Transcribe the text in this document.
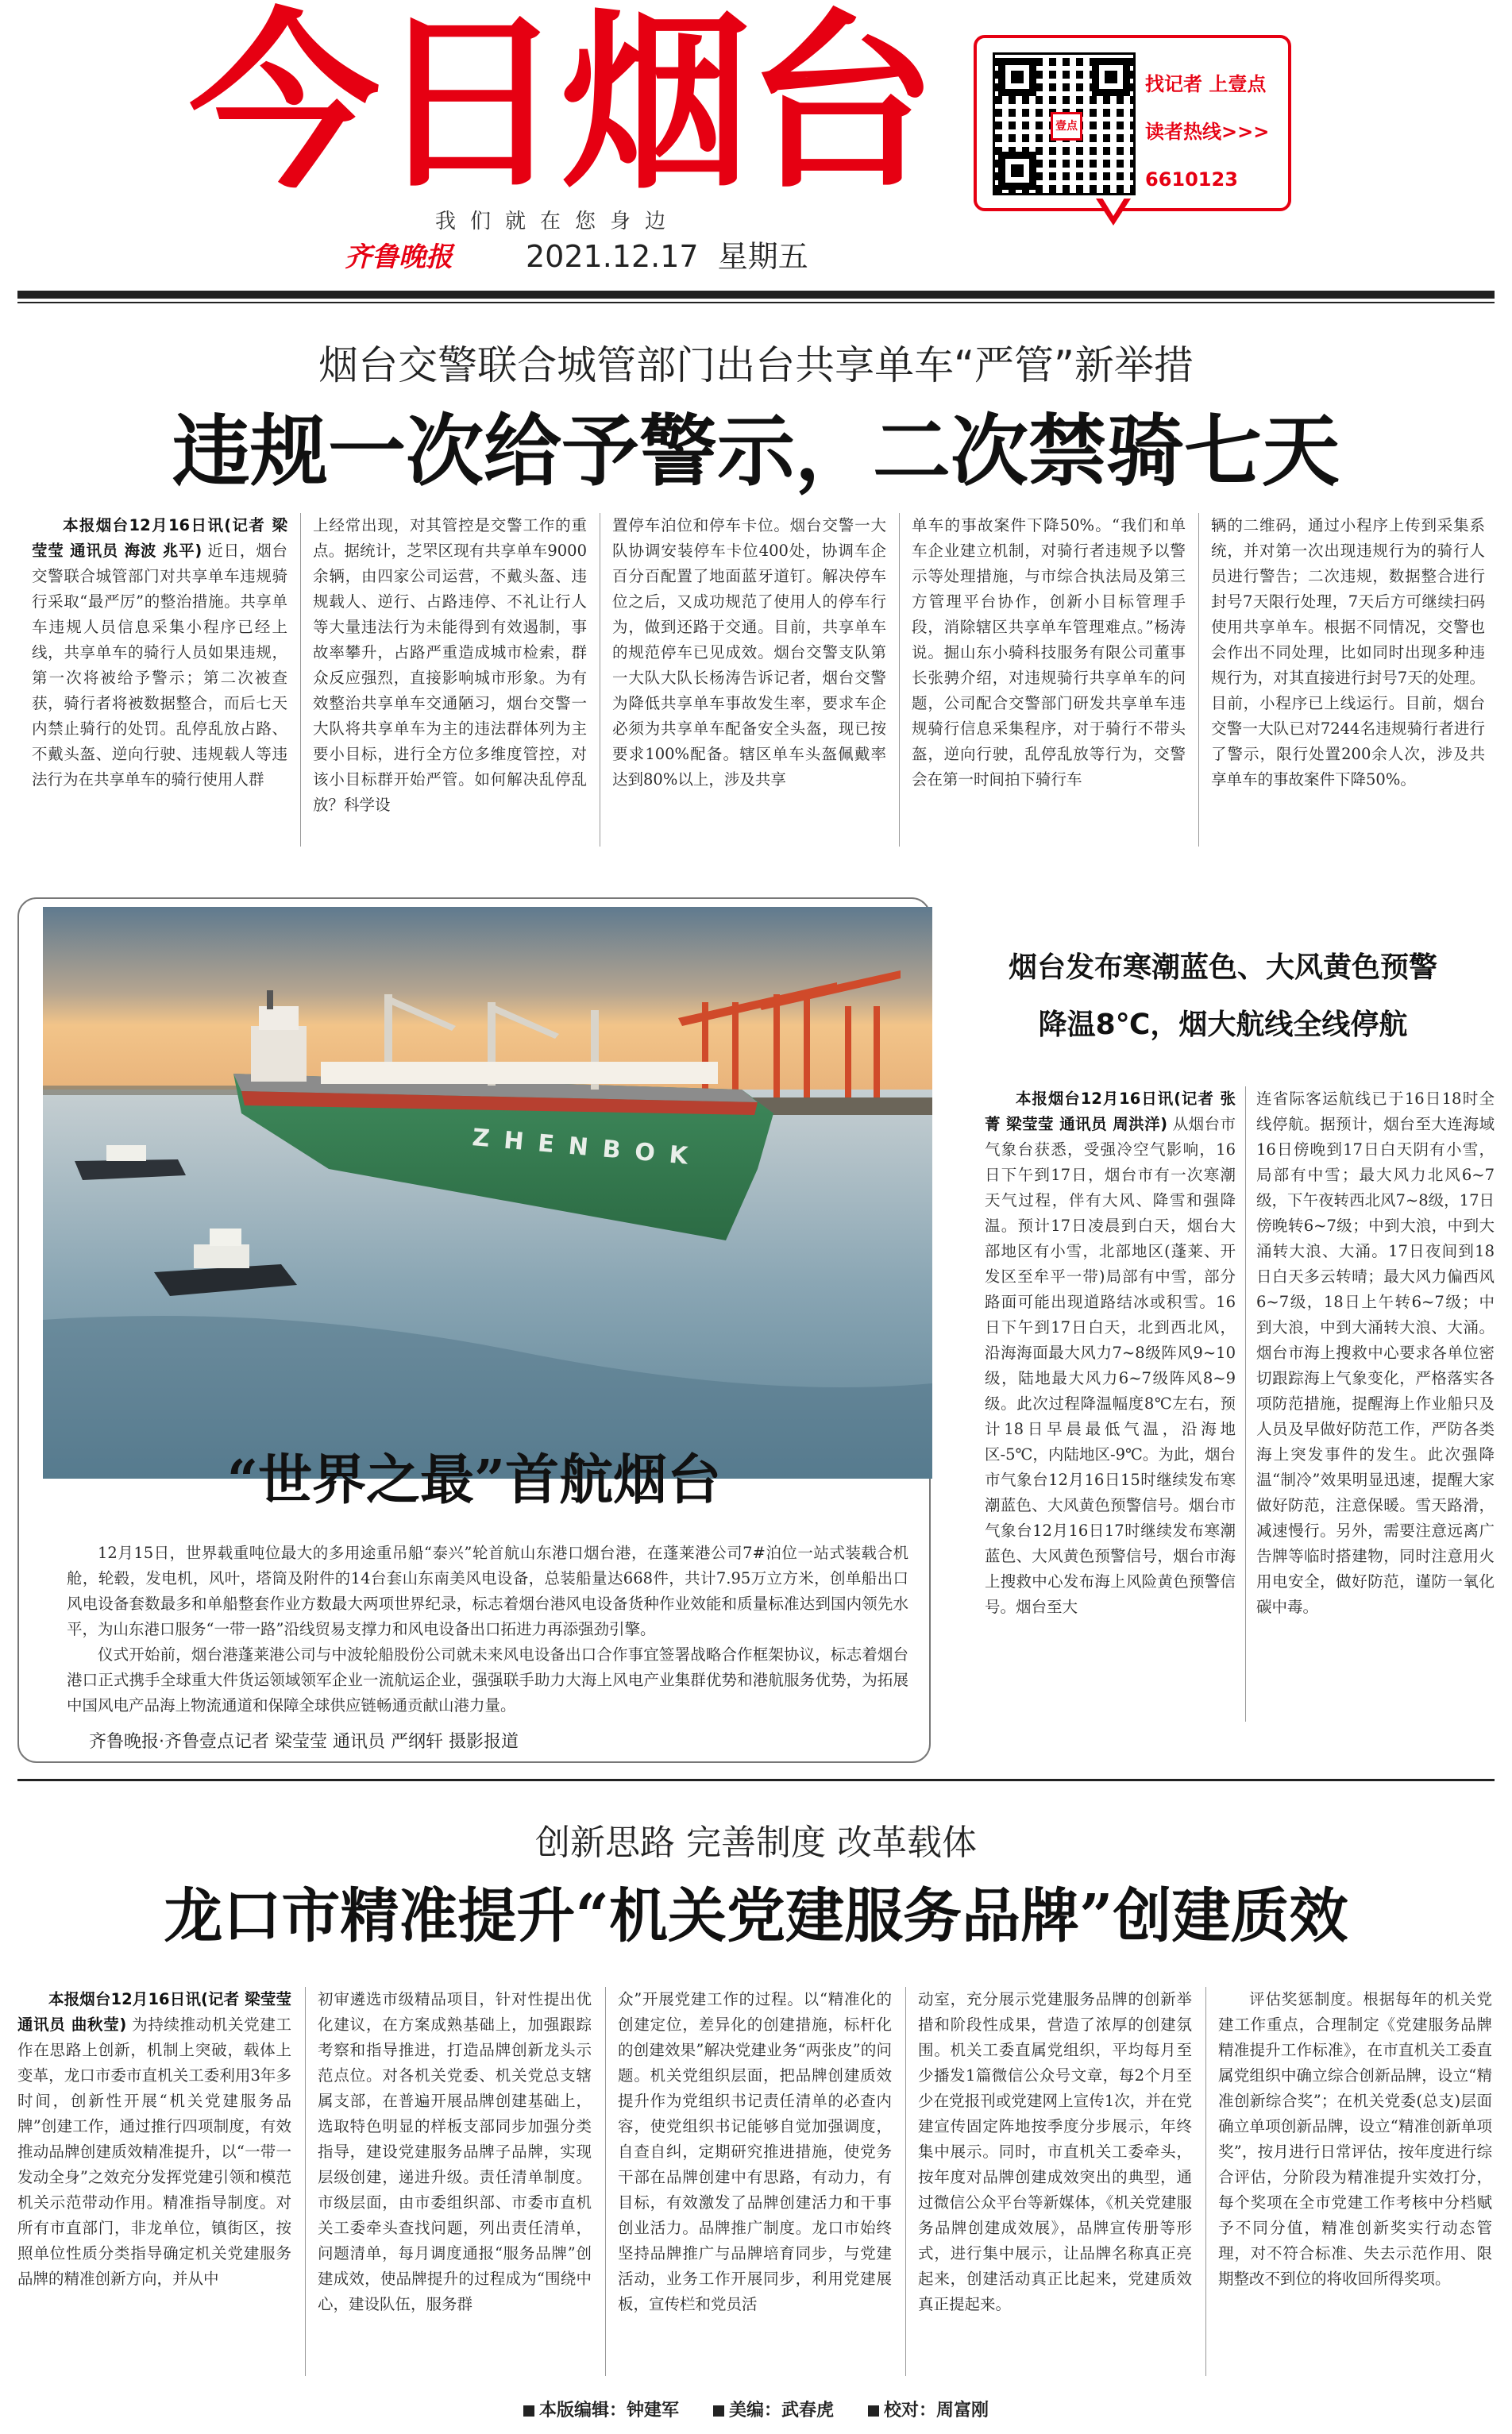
今日烟台	壹点
找记者 上壹点
读者热线>>>
6610123
我们就在您身边
齐鲁晚报 2021.12.17 星期五
烟台交警联合城管部门出台共享单车“严管”新举措
违规一次给予警示，二次禁骑七天

本报烟台12月16日讯(记者 梁莹莹 通讯员 海波 兆平) 近日，烟台交警联合城管部门对共享单车违规骑行采取“最严厉”的整治措施。共享单车违规人员信息采集小程序已经上线，共享单车的骑行人员如果违规，第一次将被给予警示；第二次被查获，骑行者将被数据整合，而后七天内禁止骑行的处罚。乱停乱放占路、不戴头盔、逆向行驶、违规载人等违法行为在共享单车的骑行使用人群

上经常出现，对其管控是交警工作的重点。据统计，芝罘区现有共享单车9000余辆，由四家公司运营，不戴头盔、违规载人、逆行、占路违停、不礼让行人等大量违法行为未能得到有效遏制，事故率攀升，占路严重造成城市检索，群众反应强烈，直接影响城市形象。为有效整治共享单车交通陋习，烟台交警一大队将共享单车为主的违法群体列为主要小目标，进行全方位多维度管控，对该小目标群开始严管。如何解决乱停乱放？科学设

置停车泊位和停车卡位。烟台交警一大队协调安装停车卡位400处，协调车企百分百配置了地面蓝牙道钉。解决停车位之后，又成功规范了使用人的停车行为，做到还路于交通。目前，共享单车的规范停车已见成效。烟台交警支队第一大队大队长杨涛告诉记者，烟台交警为降低共享单车事故发生率，要求车企必须为共享单车配备安全头盔，现已按要求100%配备。辖区单车头盔佩戴率达到80%以上，涉及共享

单车的事故案件下降50%。“我们和单车企业建立机制，对骑行者违规予以警示等处理措施，与市综合执法局及第三方管理平台协作，创新小目标管理手段，消除辖区共享单车管理难点。”杨涛说。掘山东小骑科技服务有限公司董事长张骋介绍，对违规骑行共享单车的问题，公司配合交警部门研发共享单车违规骑行信息采集程序，对于骑行不带头盔，逆向行驶，乱停乱放等行为，交警会在第一时间拍下骑行车

辆的二维码，通过小程序上传到采集系统，并对第一次出现违规行为的骑行人员进行警告；二次违规，数据整合进行封号7天限行处理，7天后方可继续扫码使用共享单车。根据不同情况，交警也会作出不同处理，比如同时出现多种违规行为，对其直接进行封号7天的处理。目前，小程序已上线运行。目前，烟台交警一大队已对7244名违规骑行者进行了警示，限行处置200余人次，涉及共享单车的事故案件下降50%。

ZHENBOK
“世界之最”首航烟台

12月15日，世界载重吨位最大的多用途重吊船“泰兴”轮首航山东港口烟台港，在蓬莱港公司7#泊位一站式装载合机舱，轮毂，发电机，风叶，塔筒及附件的14台套山东南美风电设备，总装船量达668件，共计7.95万立方米，创单船出口风电设备套数最多和单船整套作业方数最大两项世界纪录，标志着烟台港风电设备货种作业效能和质量标准达到国内领先水平，为山东港口服务“一带一路”沿线贸易支撑力和风电设备出口拓进力再添强劲引擎。

仪式开始前，烟台港蓬莱港公司与中波轮船股份公司就未来风电设备出口合作事宜签署战略合作框架协议，标志着烟台港口正式携手全球重大件货运领域领军企业一流航运企业，强强联手助力大海上风电产业集群优势和港航服务优势，为拓展中国风电产品海上物流通道和保障全球供应链畅通贡献山港力量。

齐鲁晚报·齐鲁壹点记者 梁莹莹 通讯员 严纲轩 摄影报道
烟台发布寒潮蓝色、大风黄色预警
降温8℃，烟大航线全线停航

本报烟台12月16日讯(记者 张菁 梁莹莹 通讯员 周洪洋) 从烟台市气象台获悉，受强冷空气影响，16日下午到17日，烟台市有一次寒潮天气过程，伴有大风、降雪和强降温。预计17日凌晨到白天，烟台大部地区有小雪，北部地区(蓬莱、开发区至牟平一带)局部有中雪，部分路面可能出现道路结冰或积雪。16日下午到17日白天，北到西北风，沿海海面最大风力7~8级阵风9~10级，陆地最大风力6~7级阵风8~9级。此次过程降温幅度8℃左右，预计18日早晨最低气温，沿海地区-5℃，内陆地区-9℃。为此，烟台市气象台12月16日15时继续发布寒潮蓝色、大风黄色预警信号。烟台市气象台12月16日17时继续发布寒潮蓝色、大风黄色预警信号，烟台市海上搜救中心发布海上风险黄色预警信号。烟台至大

连省际客运航线已于16日18时全线停航。据预计，烟台至大连海域16日傍晚到17日白天阴有小雪，局部有中雪；最大风力北风6~7级，下午夜转西北风7~8级，17日傍晚转6~7级；中到大浪，中到大涌转大浪、大涌。17日夜间到18日白天多云转晴；最大风力偏西风6~7级，18日上午转6~7级；中到大浪，中到大涌转大浪、大涌。烟台市海上搜救中心要求各单位密切跟踪海上气象变化，严格落实各项防范措施，提醒海上作业船只及人员及早做好防范工作，严防各类海上突发事件的发生。此次强降温“制冷”效果明显迅速，提醒大家做好防范，注意保暖。雪天路滑，减速慢行。另外，需要注意远离广告牌等临时搭建物，同时注意用火用电安全，做好防范，谨防一氧化碳中毒。

创新思路 完善制度 改革载体
龙口市精准提升“机关党建服务品牌”创建质效

本报烟台12月16日讯(记者 梁莹莹 通讯员 曲秋莹) 为持续推动机关党建工作在思路上创新，机制上突破，载体上变革，龙口市委市直机关工委利用3年多时间，创新性开展“机关党建服务品牌”创建工作，通过推行四项制度，有效推动品牌创建质效精准提升，以“一带一发动全身”之效充分发挥党建引领和模范机关示范带动作用。精准指导制度。对所有市直部门，非龙单位，镇街区，按照单位性质分类指导确定机关党建服务品牌的精准创新方向，并从中

初审遴选市级精品项目，针对性提出优化建议，在方案成熟基础上，加强跟踪考察和指导推进，打造品牌创新龙头示范点位。对各机关党委、机关党总支辖属支部，在普遍开展品牌创建基础上，选取特色明显的样板支部同步加强分类指导，建设党建服务品牌子品牌，实现层级创建，递进升级。责任清单制度。市级层面，由市委组织部、市委市直机关工委牵头查找问题，列出责任清单，问题清单，每月调度通报“服务品牌”创建成效，使品牌提升的过程成为“围绕中心，建设队伍，服务群

众”开展党建工作的过程。以“精准化的创建定位，差异化的创建措施，标杆化的创建效果”解决党建业务“两张皮”的问题。机关党组织层面，把品牌创建质效提升作为党组织书记责任清单的必查内容，使党组织书记能够自觉加强调度，自查自纠，定期研究推进措施，使党务干部在品牌创建中有思路，有动力，有目标，有效激发了品牌创建活力和干事创业活力。品牌推广制度。龙口市始终坚持品牌推广与品牌培育同步，与党建活动，业务工作开展同步，利用党建展板，宣传栏和党员活

动室，充分展示党建服务品牌的创新举措和阶段性成果，营造了浓厚的创建氛围。机关工委直属党组织，平均每月至少播发1篇微信公众号文章，每2个月至少在党报刊或党建网上宣传1次，并在党建宣传固定阵地按季度分步展示，年终集中展示。同时，市直机关工委牵头，按年度对品牌创建成效突出的典型，通过微信公众平台等新媒体，《机关党建服务品牌创建成效展》，品牌宣传册等形式，进行集中展示，让品牌名称真正亮起来，创建活动真正比起来，党建质效真正提起来。

评估奖惩制度。根据每年的机关党建工作重点，合理制定《党建服务品牌精准提升工作标准》，在市直机关工委直属党组织中确立综合创新品牌，设立“精准创新综合奖”；在机关党委(总支)层面确立单项创新品牌，设立“精准创新单项奖”，按月进行日常评估，按年度进行综合评估，分阶段为精准提升实效打分，每个奖项在全市党建工作考核中分档赋予不同分值，精准创新奖实行动态管理，对不符合标准、失去示范作用、限期整改不到位的将收回所得奖项。

本版编辑：钟建军	美编：武春虎	校对：周富刚
